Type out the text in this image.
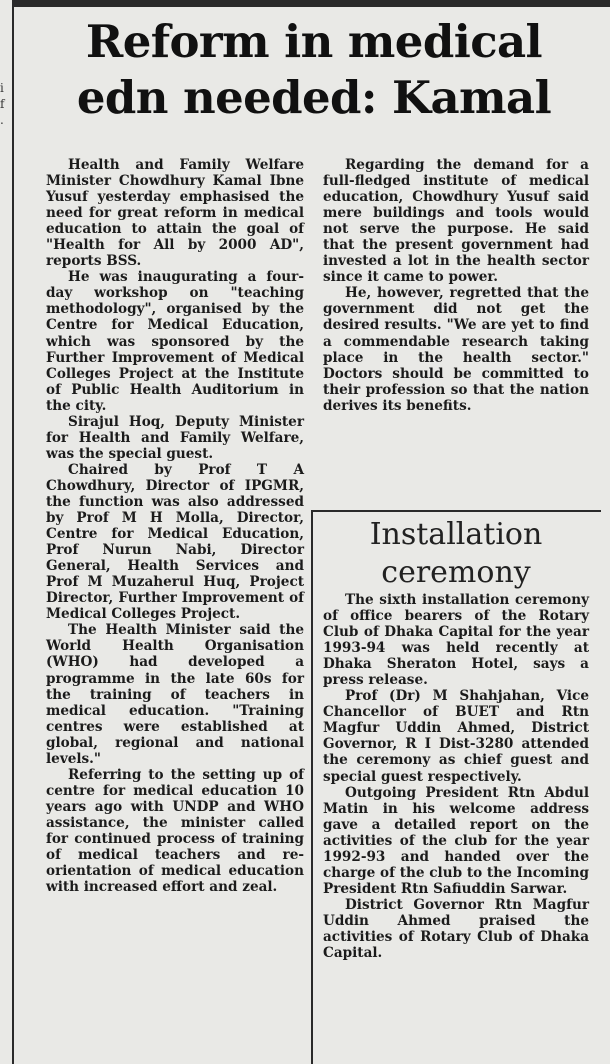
i
f
.
Reform in medical
edn needed: Kamal

Health and Family Welfare Minister Chowdhury Kamal Ibne Yusuf yesterday emphasised the need for great reform in medical education to attain the goal of "Health for All by 2000 AD", reports BSS.

He was inaugurating a four-day workshop on "teaching methodology", organised by the Centre for Medical Education, which was sponsored by the Further Improvement of Medical Colleges Project at the Institute of Public Health Auditorium in the city.

Sirajul Hoq, Deputy Minister for Health and Family Welfare, was the special guest.

Chaired by Prof T A Chowdhury, Director of IPGMR, the function was also addressed by Prof M H Molla, Director, Centre for Medical Education, Prof Nurun Nabi, Director General, Health Services and Prof M Muzaherul Huq, Project Director, Further Improvement of Medical Colleges Project.

The Health Minister said the World Health Organisation (WHO) had developed a programme in the late 60s for the training of teachers in medical education. "Training centres were established at global, regional and national levels."

Referring to the setting up of centre for medical education 10 years ago with UNDP and WHO assistance, the minister called for continued process of training of medical teachers and re-orientation of medical education with increased effort and zeal.

Regarding the demand for a full-fledged institute of medical education, Chowdhury Yusuf said mere buildings and tools would not serve the purpose. He said that the present government had invested a lot in the health sector since it came to power.

He, however, regretted that the government did not get the desired results. "We are yet to find a commendable research taking place in the health sector." Doctors should be committed to their profession so that the nation derives its benefits.

Installation
ceremony

The sixth installation ceremony of office bearers of the Rotary Club of Dhaka Capital for the year 1993-94 was held recently at Dhaka Sheraton Hotel, says a press release.

Prof (Dr) M Shahjahan, Vice Chancellor of BUET and Rtn Magfur Uddin Ahmed, District Governor, R I Dist-3280 attended the ceremony as chief guest and special guest respectively.

Outgoing President Rtn Abdul Matin in his welcome address gave a detailed report on the activities of the club for the year 1992-93 and handed over the charge of the club to the Incoming President Rtn Safiuddin Sarwar.

District Governor Rtn Magfur Uddin Ahmed praised the activities of Rotary Club of Dhaka Capital.
